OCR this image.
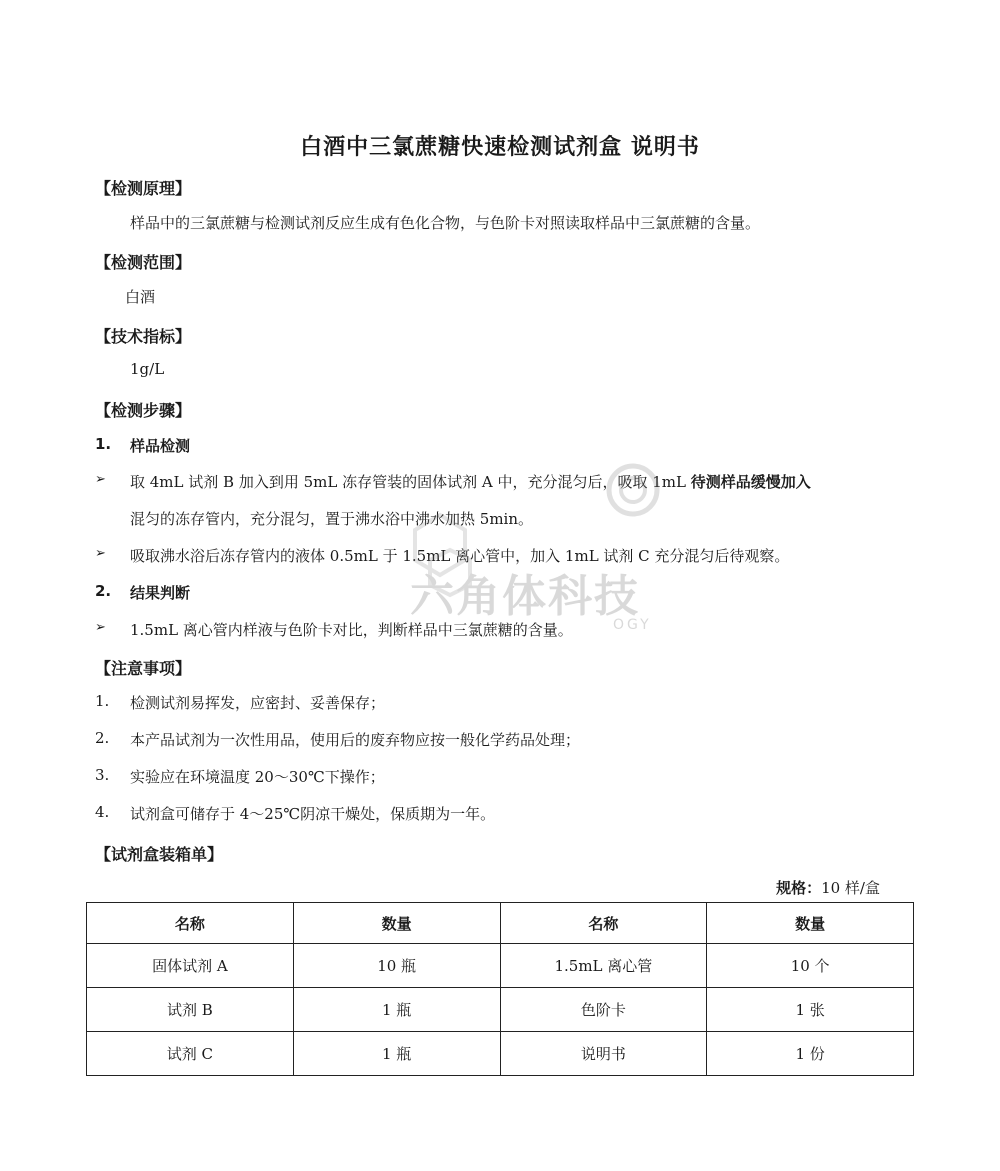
白酒中三氯蔗糖快速检测试剂盒 说明书
【检测原理】
样品中的三氯蔗糖与检测试剂反应生成有色化合物，与色阶卡对照读取样品中三氯蔗糖的含量。
【检测范围】
白酒
【技术指标】
1g/L
【检测步骤】
1. 样品检测
➢ 取 4mL 试剂 B 加入到用 5mL 冻存管装的固体试剂 A 中，充分混匀后，吸取 1mL 待测样品缓慢加入
混匀的冻存管内，充分混匀，置于沸水浴中沸水加热 5min。
➢ 吸取沸水浴后冻存管内的液体 0.5mL 于 1.5mL 离心管中，加入 1mL 试剂 C 充分混匀后待观察。
2. 结果判断
➢ 1.5mL 离心管内样液与色阶卡对比，判断样品中三氯蔗糖的含量。
【注意事项】
1. 检测试剂易挥发，应密封、妥善保存；
2. 本产品试剂为一次性用品，使用后的废弃物应按一般化学药品处理；
3. 实验应在环境温度 20～30℃下操作；
4. 试剂盒可储存于 4～25℃阴凉干燥处，保质期为一年。
【试剂盒装箱单】
规格：10 样/盒
名称	数量	名称	数量
固体试剂 A	10 瓶	1.5mL 离心管	10 个
试剂 B	1 瓶	色阶卡	1 张
试剂 C	1 瓶	说明书	1 份
六角体科技
OGY
